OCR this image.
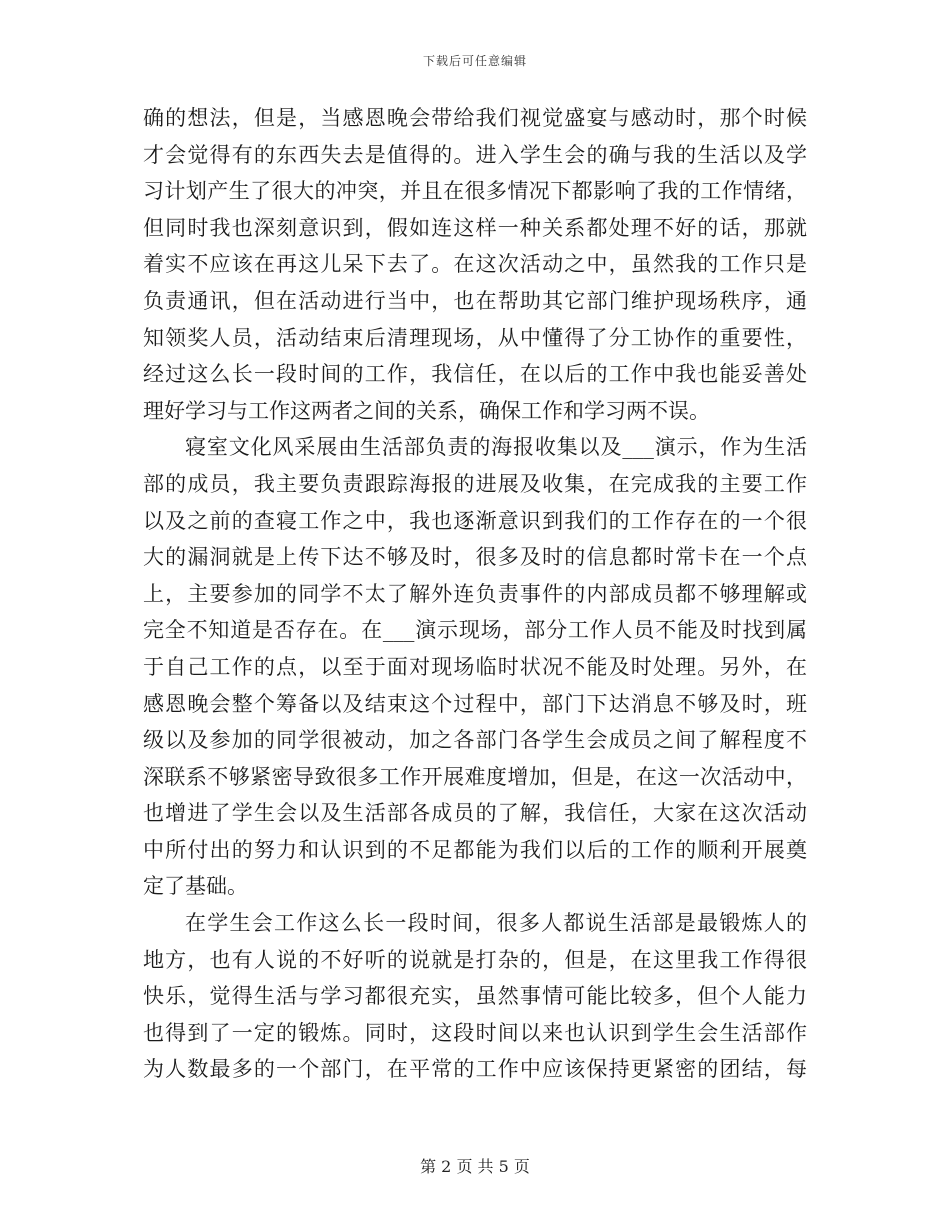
下载后可任意编辑
确的想法，但是，当感恩晚会带给我们视觉盛宴与感动时，那个时候
才会觉得有的东西失去是值得的。进入学生会的确与我的生活以及学
习计划产生了很大的冲突，并且在很多情况下都影响了我的工作情绪，
但同时我也深刻意识到，假如连这样一种关系都处理不好的话，那就
着实不应该在再这儿呆下去了。在这次活动之中，虽然我的工作只是
负责通讯，但在活动进行当中，也在帮助其它部门维护现场秩序，通
知领奖人员，活动结束后清理现场，从中懂得了分工协作的重要性，
经过这么长一段时间的工作，我信任，在以后的工作中我也能妥善处
理好学习与工作这两者之间的关系，确保工作和学习两不误。
寝室文化风采展由生活部负责的海报收集以及___演示，作为生活
部的成员，我主要负责跟踪海报的进展及收集，在完成我的主要工作
以及之前的查寝工作之中，我也逐渐意识到我们的工作存在的一个很
大的漏洞就是上传下达不够及时，很多及时的信息都时常卡在一个点
上，主要参加的同学不太了解外连负责事件的内部成员都不够理解或
完全不知道是否存在。在___演示现场，部分工作人员不能及时找到属
于自己工作的点，以至于面对现场临时状况不能及时处理。另外，在
感恩晚会整个筹备以及结束这个过程中，部门下达消息不够及时，班
级以及参加的同学很被动，加之各部门各学生会成员之间了解程度不
深联系不够紧密导致很多工作开展难度增加，但是，在这一次活动中，
也增进了学生会以及生活部各成员的了解，我信任，大家在这次活动
中所付出的努力和认识到的不足都能为我们以后的工作的顺利开展奠
定了基础。
在学生会工作这么长一段时间，很多人都说生活部是最锻炼人的
地方，也有人说的不好听的说就是打杂的，但是，在这里我工作得很
快乐，觉得生活与学习都很充实，虽然事情可能比较多，但个人能力
也得到了一定的锻炼。同时，这段时间以来也认识到学生会生活部作
为人数最多的一个部门，在平常的工作中应该保持更紧密的团结，每
第 2 页 共 5 页
